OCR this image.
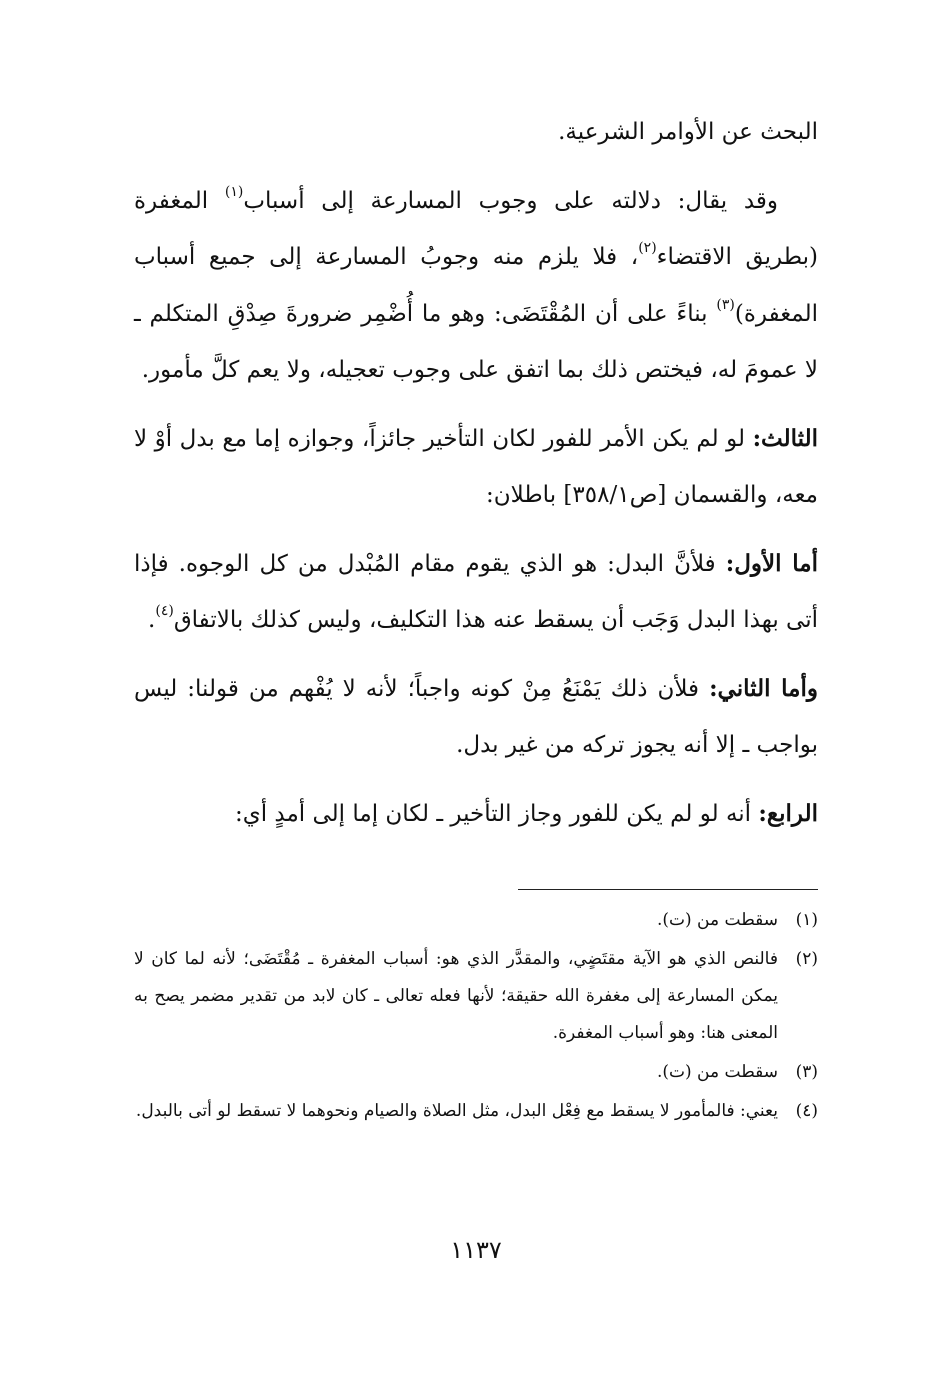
البحث عن الأوامر الشرعية.

وقد يقال: دلالته على وجوب المسارعة إلى أسباب$^{(١)}$ المغفرة (بطريق الاقتضاء$^{(٢)}$، فلا يلزم منه وجوبُ المسارعة إلى جميع أسباب المغفرة)$^{(٣)}$ بناءً على أن المُقْتَضَى: وهو ما أُضْمِر ضرورةَ صِدْقِ المتكلم ـ لا عمومَ له، فيختص ذلك بما اتفق على وجوب تعجيله، ولا يعم كلَّ مأمور.

الثالث: لو لم يكن الأمر للفور لكان التأخير جائزاً، وجوازه إما مع بدل أوْ لا معه، والقسمان [ص٣٥٨/١] باطلان:

أما الأول: فلأنَّ البدل: هو الذي يقوم مقام المُبْدل من كل الوجوه. فإذا أتى بهذا البدل وَجَب أن يسقط عنه هذا التكليف، وليس كذلك بالاتفاق$^{(٤)}$.

وأما الثاني: فلأن ذلك يَمْنَعُ مِنْ كونه واجباً؛ لأنه لا يُفْهم من قولنا: ليس بواجب ـ إلا أنه يجوز تركه من غير بدل.

الرابع: أنه لو لم يكن للفور وجاز التأخير ـ لكان إما إلى أمدٍ أي:

(١)
سقطت من (ت).
(٢)
فالنص الذي هو الآية مقتَضٍي، والمقدَّر الذي هو: أسباب المغفرة ـ مُقْتَضَى؛ لأنه لما كان لا يمكن المسارعة إلى مغفرة الله حقيقة؛ لأنها فعله تعالى ـ كان لابد من تقدير مضمر يصح به المعنى هنا: وهو أسباب المغفرة.
(٣)
سقطت من (ت).
(٤)
يعني: فالمأمور لا يسقط مع فِعْل البدل، مثل الصلاة والصيام ونحوهما لا تسقط لو أتى بالبدل.
١١٣٧
